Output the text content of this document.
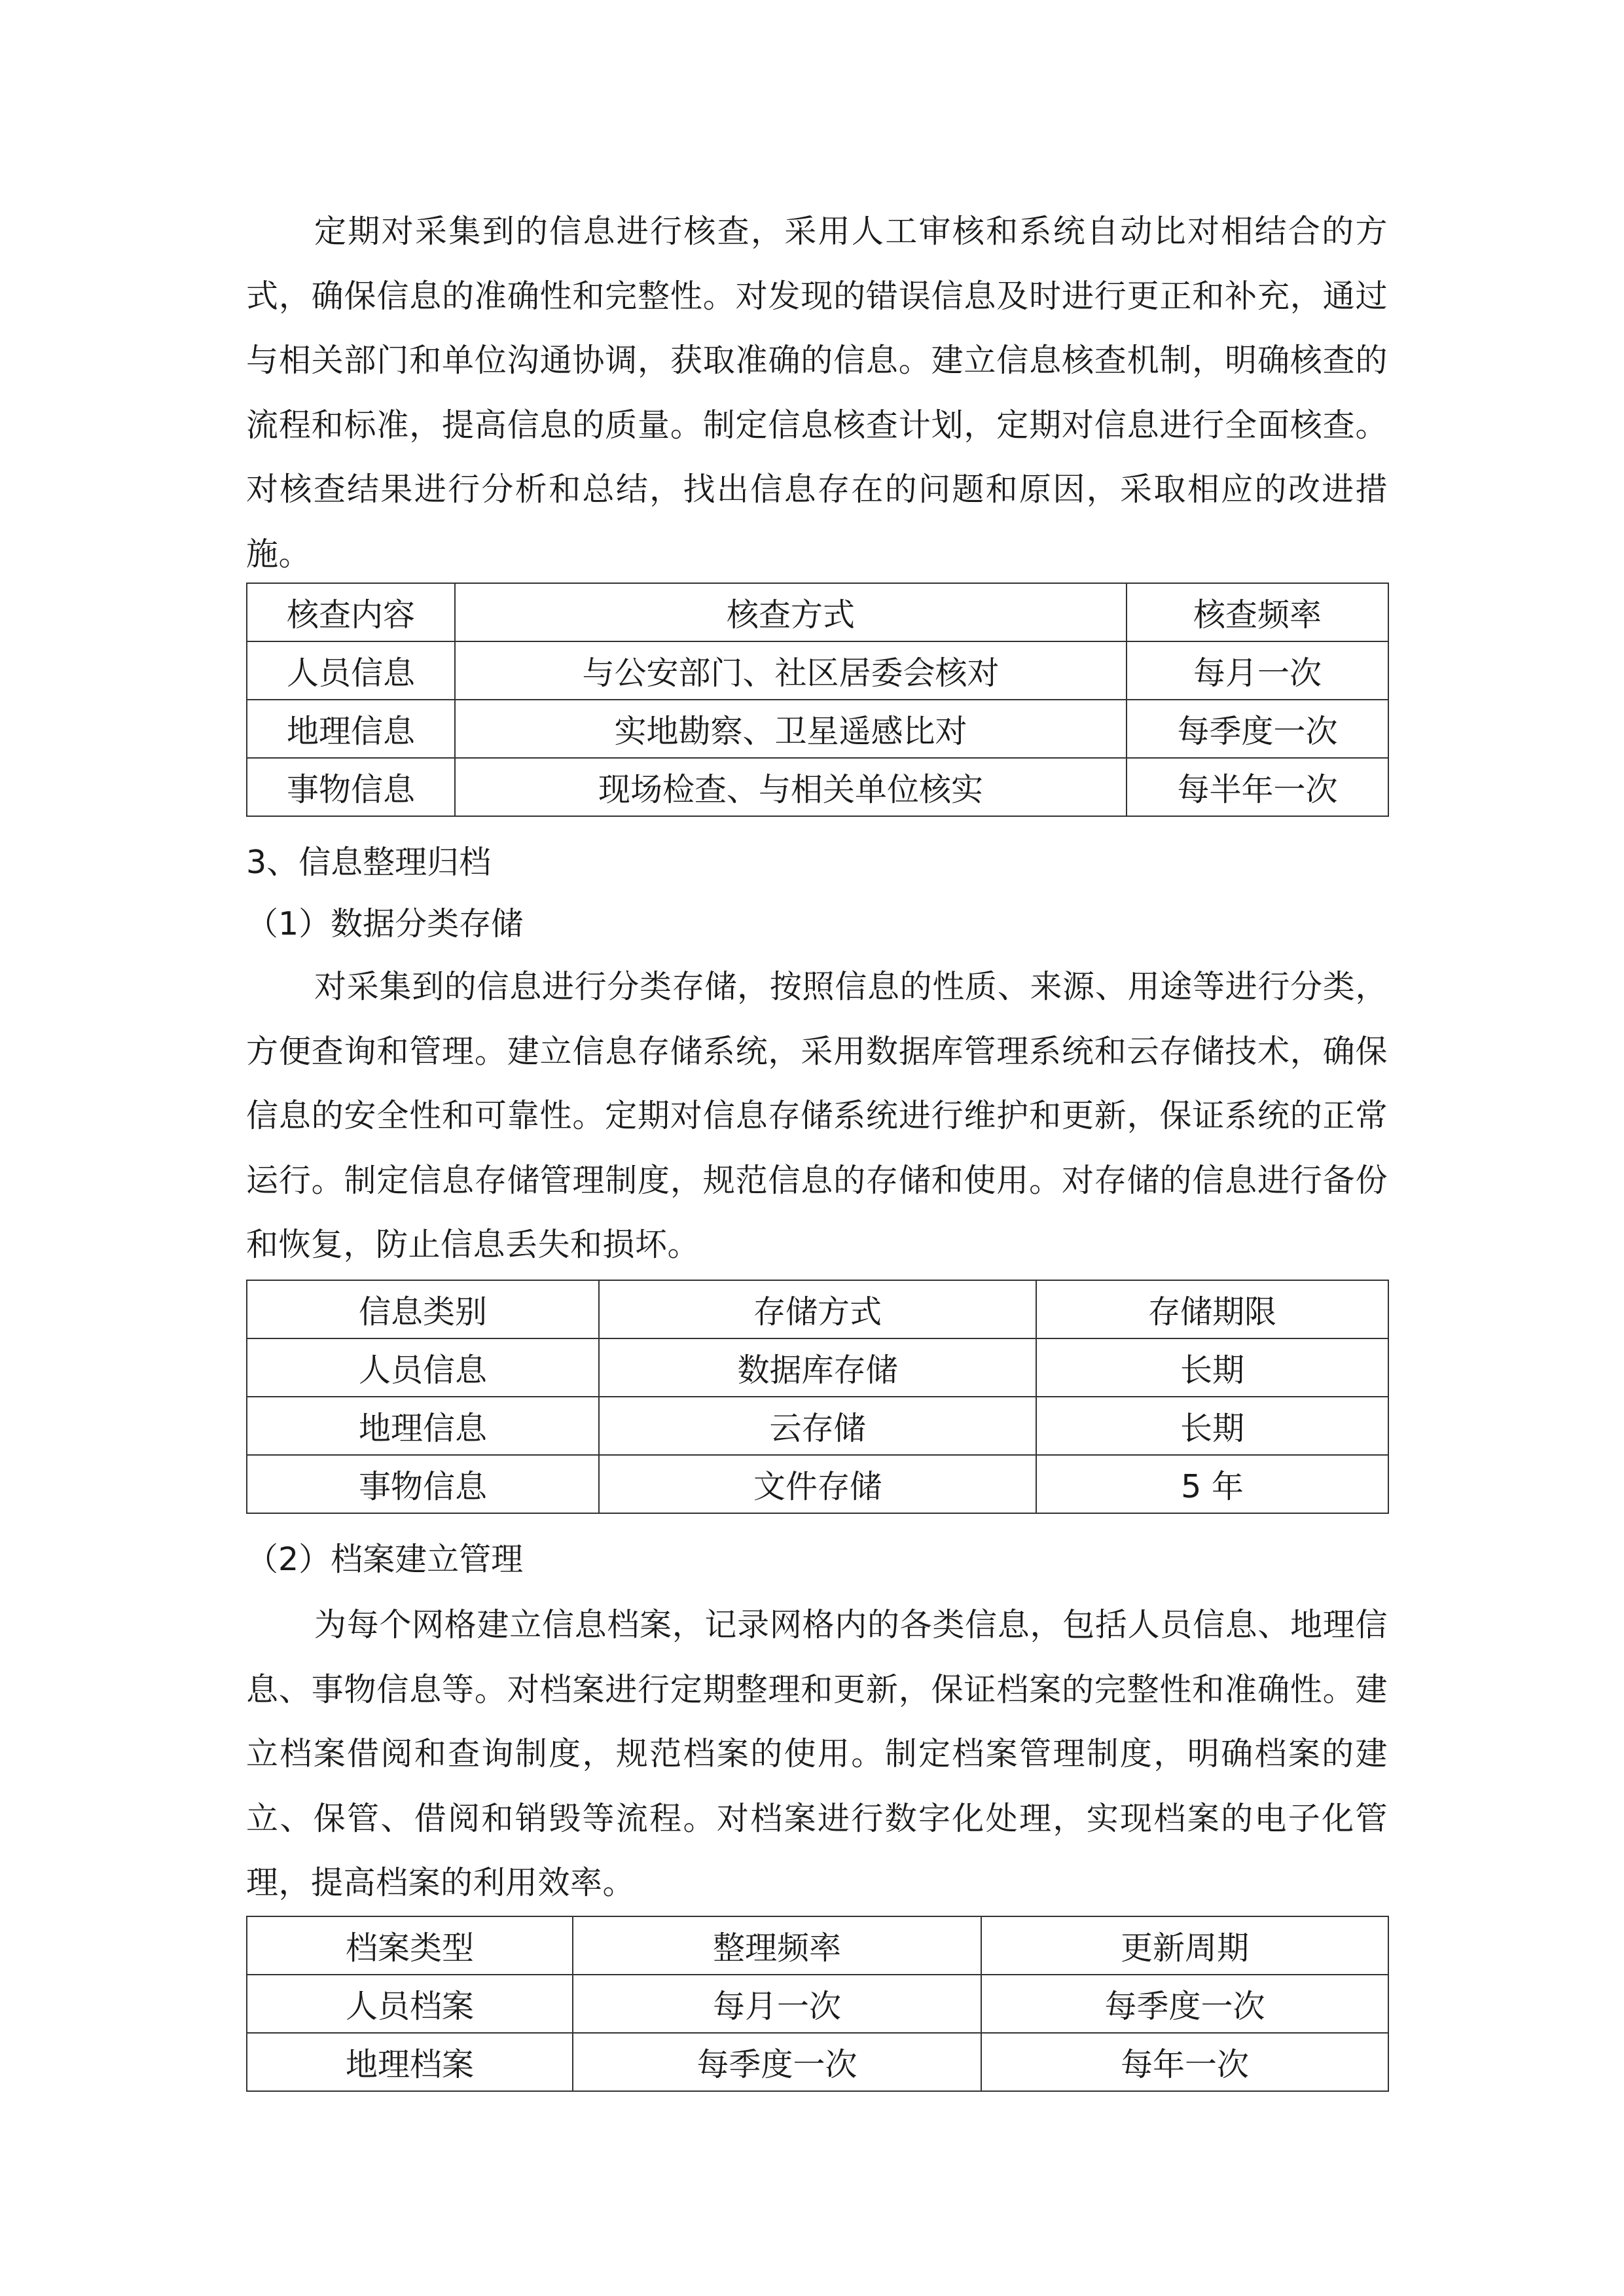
定期对采集到的信息进行核查，采用人工审核和系统自动比对相结合的方式，确保信息的准确性和完整性。对发现的错误信息及时进行更正和补充，通过与相关部门和单位沟通协调，获取准确的信息。建立信息核查机制，明确核查的流程和标准，提高信息的质量。制定信息核查计划，定期对信息进行全面核查。对核查结果进行分析和总结，找出信息存在的问题和原因，采取相应的改进措施。

核查内容	核查方式	核查频率
人员信息	与公安部门、社区居委会核对	每月一次
地理信息	实地勘察、卫星遥感比对	每季度一次
事物信息	现场检查、与相关单位核实	每半年一次
3、信息整理归档
（1）数据分类存储

对采集到的信息进行分类存储，按照信息的性质、来源、用途等进行分类，方便查询和管理。建立信息存储系统，采用数据库管理系统和云存储技术，确保信息的安全性和可靠性。定期对信息存储系统进行维护和更新，保证系统的正常运行。制定信息存储管理制度，规范信息的存储和使用。对存储的信息进行备份和恢复，防止信息丢失和损坏。

信息类别	存储方式	存储期限
人员信息	数据库存储	长期
地理信息	云存储	长期
事物信息	文件存储	5 年
（2）档案建立管理

为每个网格建立信息档案，记录网格内的各类信息，包括人员信息、地理信息、事物信息等。对档案进行定期整理和更新，保证档案的完整性和准确性。建立档案借阅和查询制度，规范档案的使用。制定档案管理制度，明确档案的建立、保管、借阅和销毁等流程。对档案进行数字化处理，实现档案的电子化管理，提高档案的利用效率。

档案类型	整理频率	更新周期
人员档案	每月一次	每季度一次
地理档案	每季度一次	每年一次
